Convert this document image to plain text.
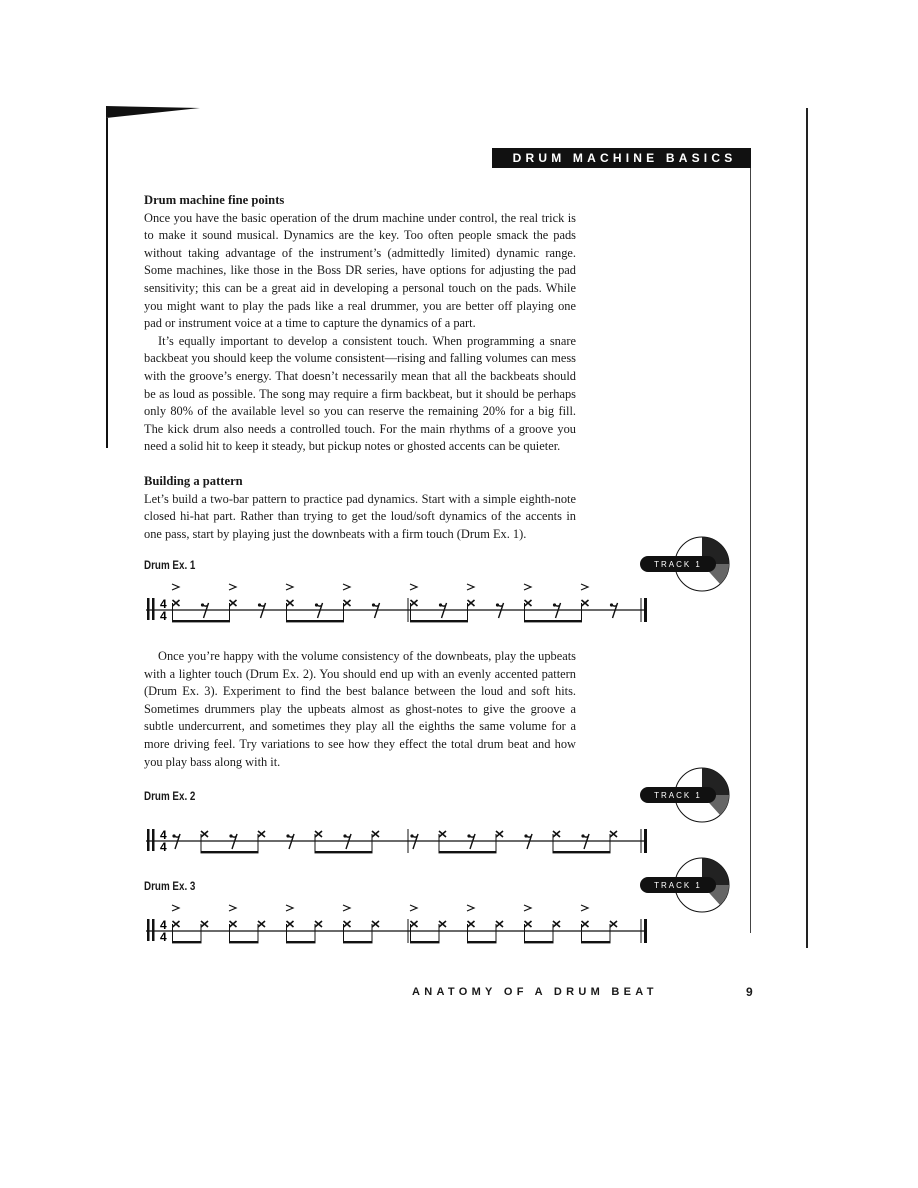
DRUM MACHINE BASICS
Drum machine fine points

Once you have the basic operation of the drum machine under control, the real trick is to make it sound musical. Dynamics are the key. Too often people smack the pads without taking advantage of the instrument’s (admittedly limited) dynamic range. Some machines, like those in the Boss DR series, have options for adjusting the pad sensitivity; this can be a great aid in developing a personal touch on the pads. While you might want to play the pads like a real drummer, you are better off playing one pad or instrument voice at a time to capture the dynamics of a part.

It’s equally important to develop a consistent touch. When programming a snare backbeat you should keep the volume consistent—rising and falling volumes can mess with the groove’s energy. That doesn’t necessarily mean that all the backbeats should be as loud as possible. The song may require a firm backbeat, but it should be perhaps only 80% of the available level so you can reserve the remaining 20% for a big fill. The kick drum also needs a controlled touch. For the main rhythms of a groove you need a solid hit to keep it steady, but pickup notes or ghosted accents can be quieter.

Building a pattern

Let’s build a two-bar pattern to practice pad dynamics. Start with a simple eighth-note closed hi-hat part. Rather than trying to get the loud/soft dynamics of the accents in one pass, start by playing just the downbeats with a firm touch (Drum Ex. 1).

Once you’re happy with the volume consistency of the downbeats, play the upbeats with a lighter touch (Drum Ex. 2). You should end up with an evenly accented pattern (Drum Ex. 3). Experiment to find the best balance between the loud and soft hits. Sometimes drummers play the upbeats almost as ghost-notes to give the groove a subtle undercurrent, and sometimes they play all the eighths the same volume for a more driving feel. Try variations to see how they effect the total drum beat and how you play bass along with it.

Drum Ex. 1
4
4
TRACK 1
Drum Ex. 2
4
4
TRACK 1
Drum Ex. 3
4
4
TRACK 1
ANATOMY OF A DRUM BEAT	9
